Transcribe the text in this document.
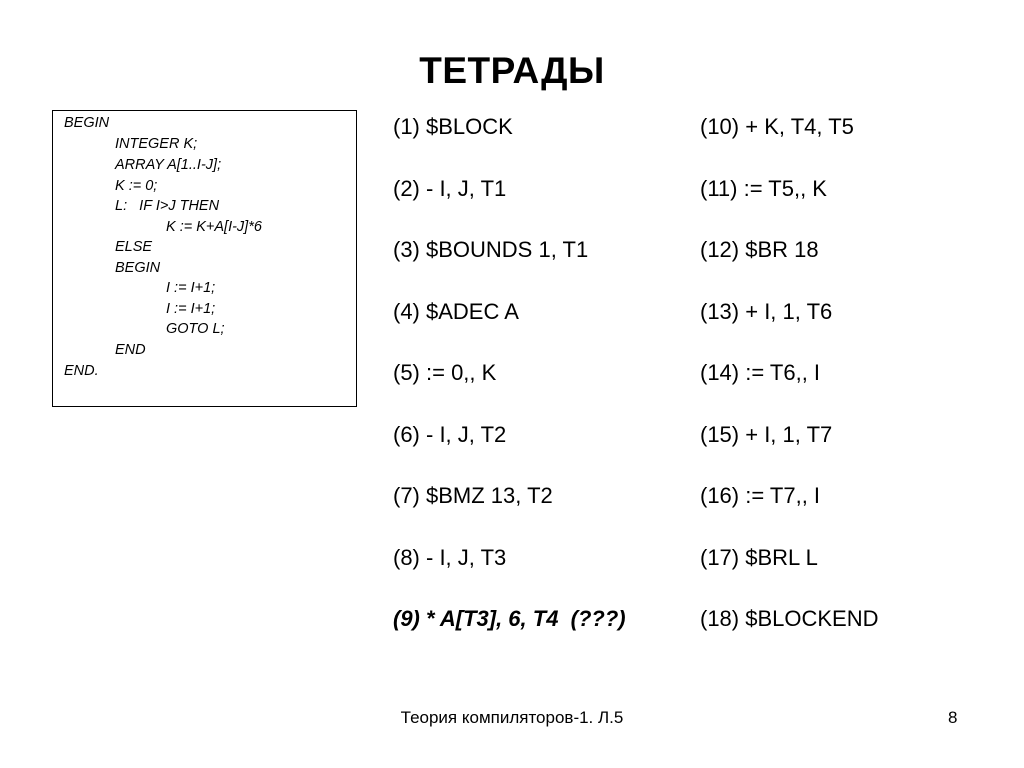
ТЕТРАДЫ
BEGIN
INTEGER K;
ARRAY A[1..I-J];
K := 0;
L:   IF I>J THEN
K := K+A[I-J]*6
ELSE
BEGIN
I := I+1;
I := I+1;
GOTO L;
END
END.
(1) $BLOCK
(2) - I, J, T1
(3) $BOUNDS 1, T1
(4) $ADEC A
(5) := 0,, K
(6) - I, J, T2
(7) $BMZ 13, T2
(8) - I, J, T3
(9) * A[T3], 6, T4  (???)
(10) + K, T4, T5
(11) := T5,, K
(12) $BR 18
(13) + I, 1, T6
(14) := T6,, I
(15) + I, 1, T7
(16) := T7,, I
(17) $BRL L
(18) $BLOCKEND
Теория компиляторов-1. Л.5	8
